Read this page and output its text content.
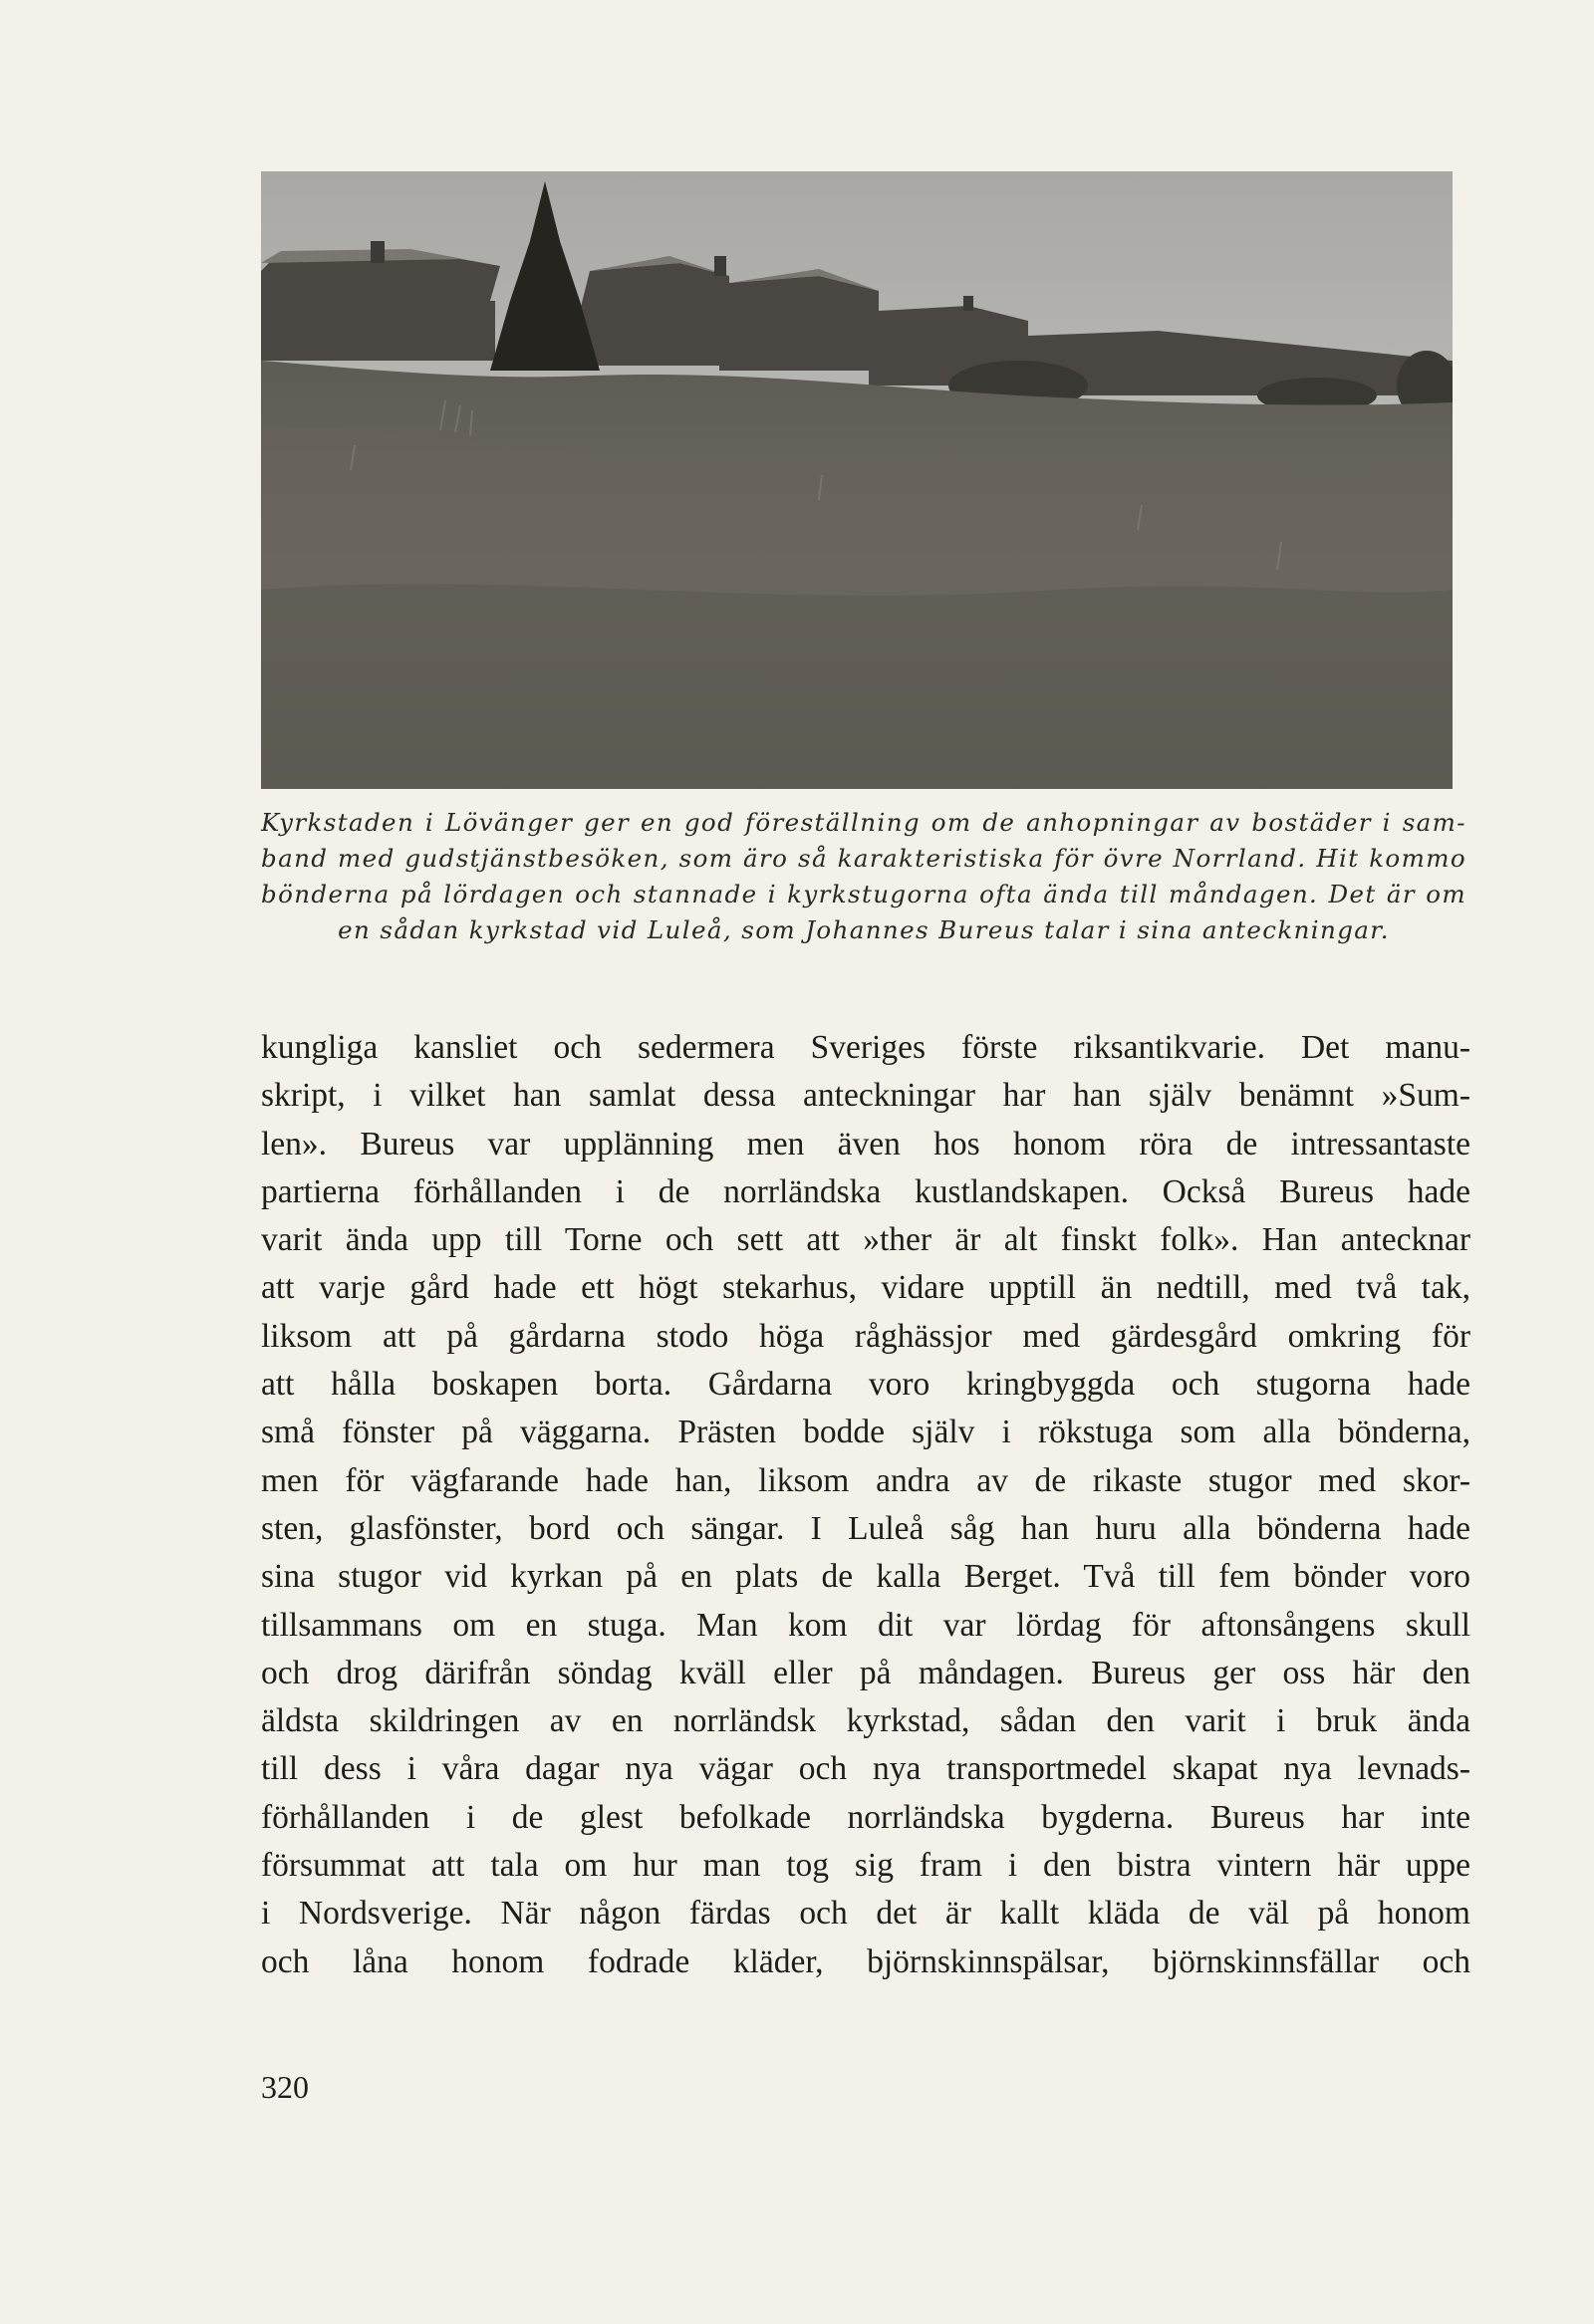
Kyrkstaden i Lövänger ger en god föreställning om de anhopningar av bostäder i sam-
band med gudstjänstbesöken, som äro så karakteristiska för övre Norrland. Hit kommo
bönderna på lördagen och stannade i kyrkstugorna ofta ända till måndagen. Det är om
en sådan kyrkstad vid Luleå, som Johannes Bureus talar i sina anteckningar.
kungliga kansliet och sedermera Sveriges förste riksantikvarie. Det manu-
skript, i vilket han samlat dessa anteckningar har han själv benämnt »Sum-
len». Bureus var upplänning men även hos honom röra de intressantaste
partierna förhållanden i de norrländska kustlandskapen. Också Bureus hade
varit ända upp till Torne och sett att »ther är alt finskt folk». Han antecknar
att varje gård hade ett högt stekarhus, vidare upptill än nedtill, med två tak,
liksom att på gårdarna stodo höga råghässjor med gärdesgård omkring för
att hålla boskapen borta. Gårdarna voro kringbyggda och stugorna hade
små fönster på väggarna. Prästen bodde själv i rökstuga som alla bönderna,
men för vägfarande hade han, liksom andra av de rikaste stugor med skor-
sten, glasfönster, bord och sängar. I Luleå såg han huru alla bönderna hade
sina stugor vid kyrkan på en plats de kalla Berget. Två till fem bönder voro
tillsammans om en stuga. Man kom dit var lördag för aftonsångens skull
och drog därifrån söndag kväll eller på måndagen. Bureus ger oss här den
äldsta skildringen av en norrländsk kyrkstad, sådan den varit i bruk ända
till dess i våra dagar nya vägar och nya transportmedel skapat nya levnads-
förhållanden i de glest befolkade norrländska bygderna. Bureus har inte
försummat att tala om hur man tog sig fram i den bistra vintern här uppe
i Nordsverige. När någon färdas och det är kallt kläda de väl på honom
och låna honom fodrade kläder, björnskinnspälsar, björnskinnsfällar och
320
